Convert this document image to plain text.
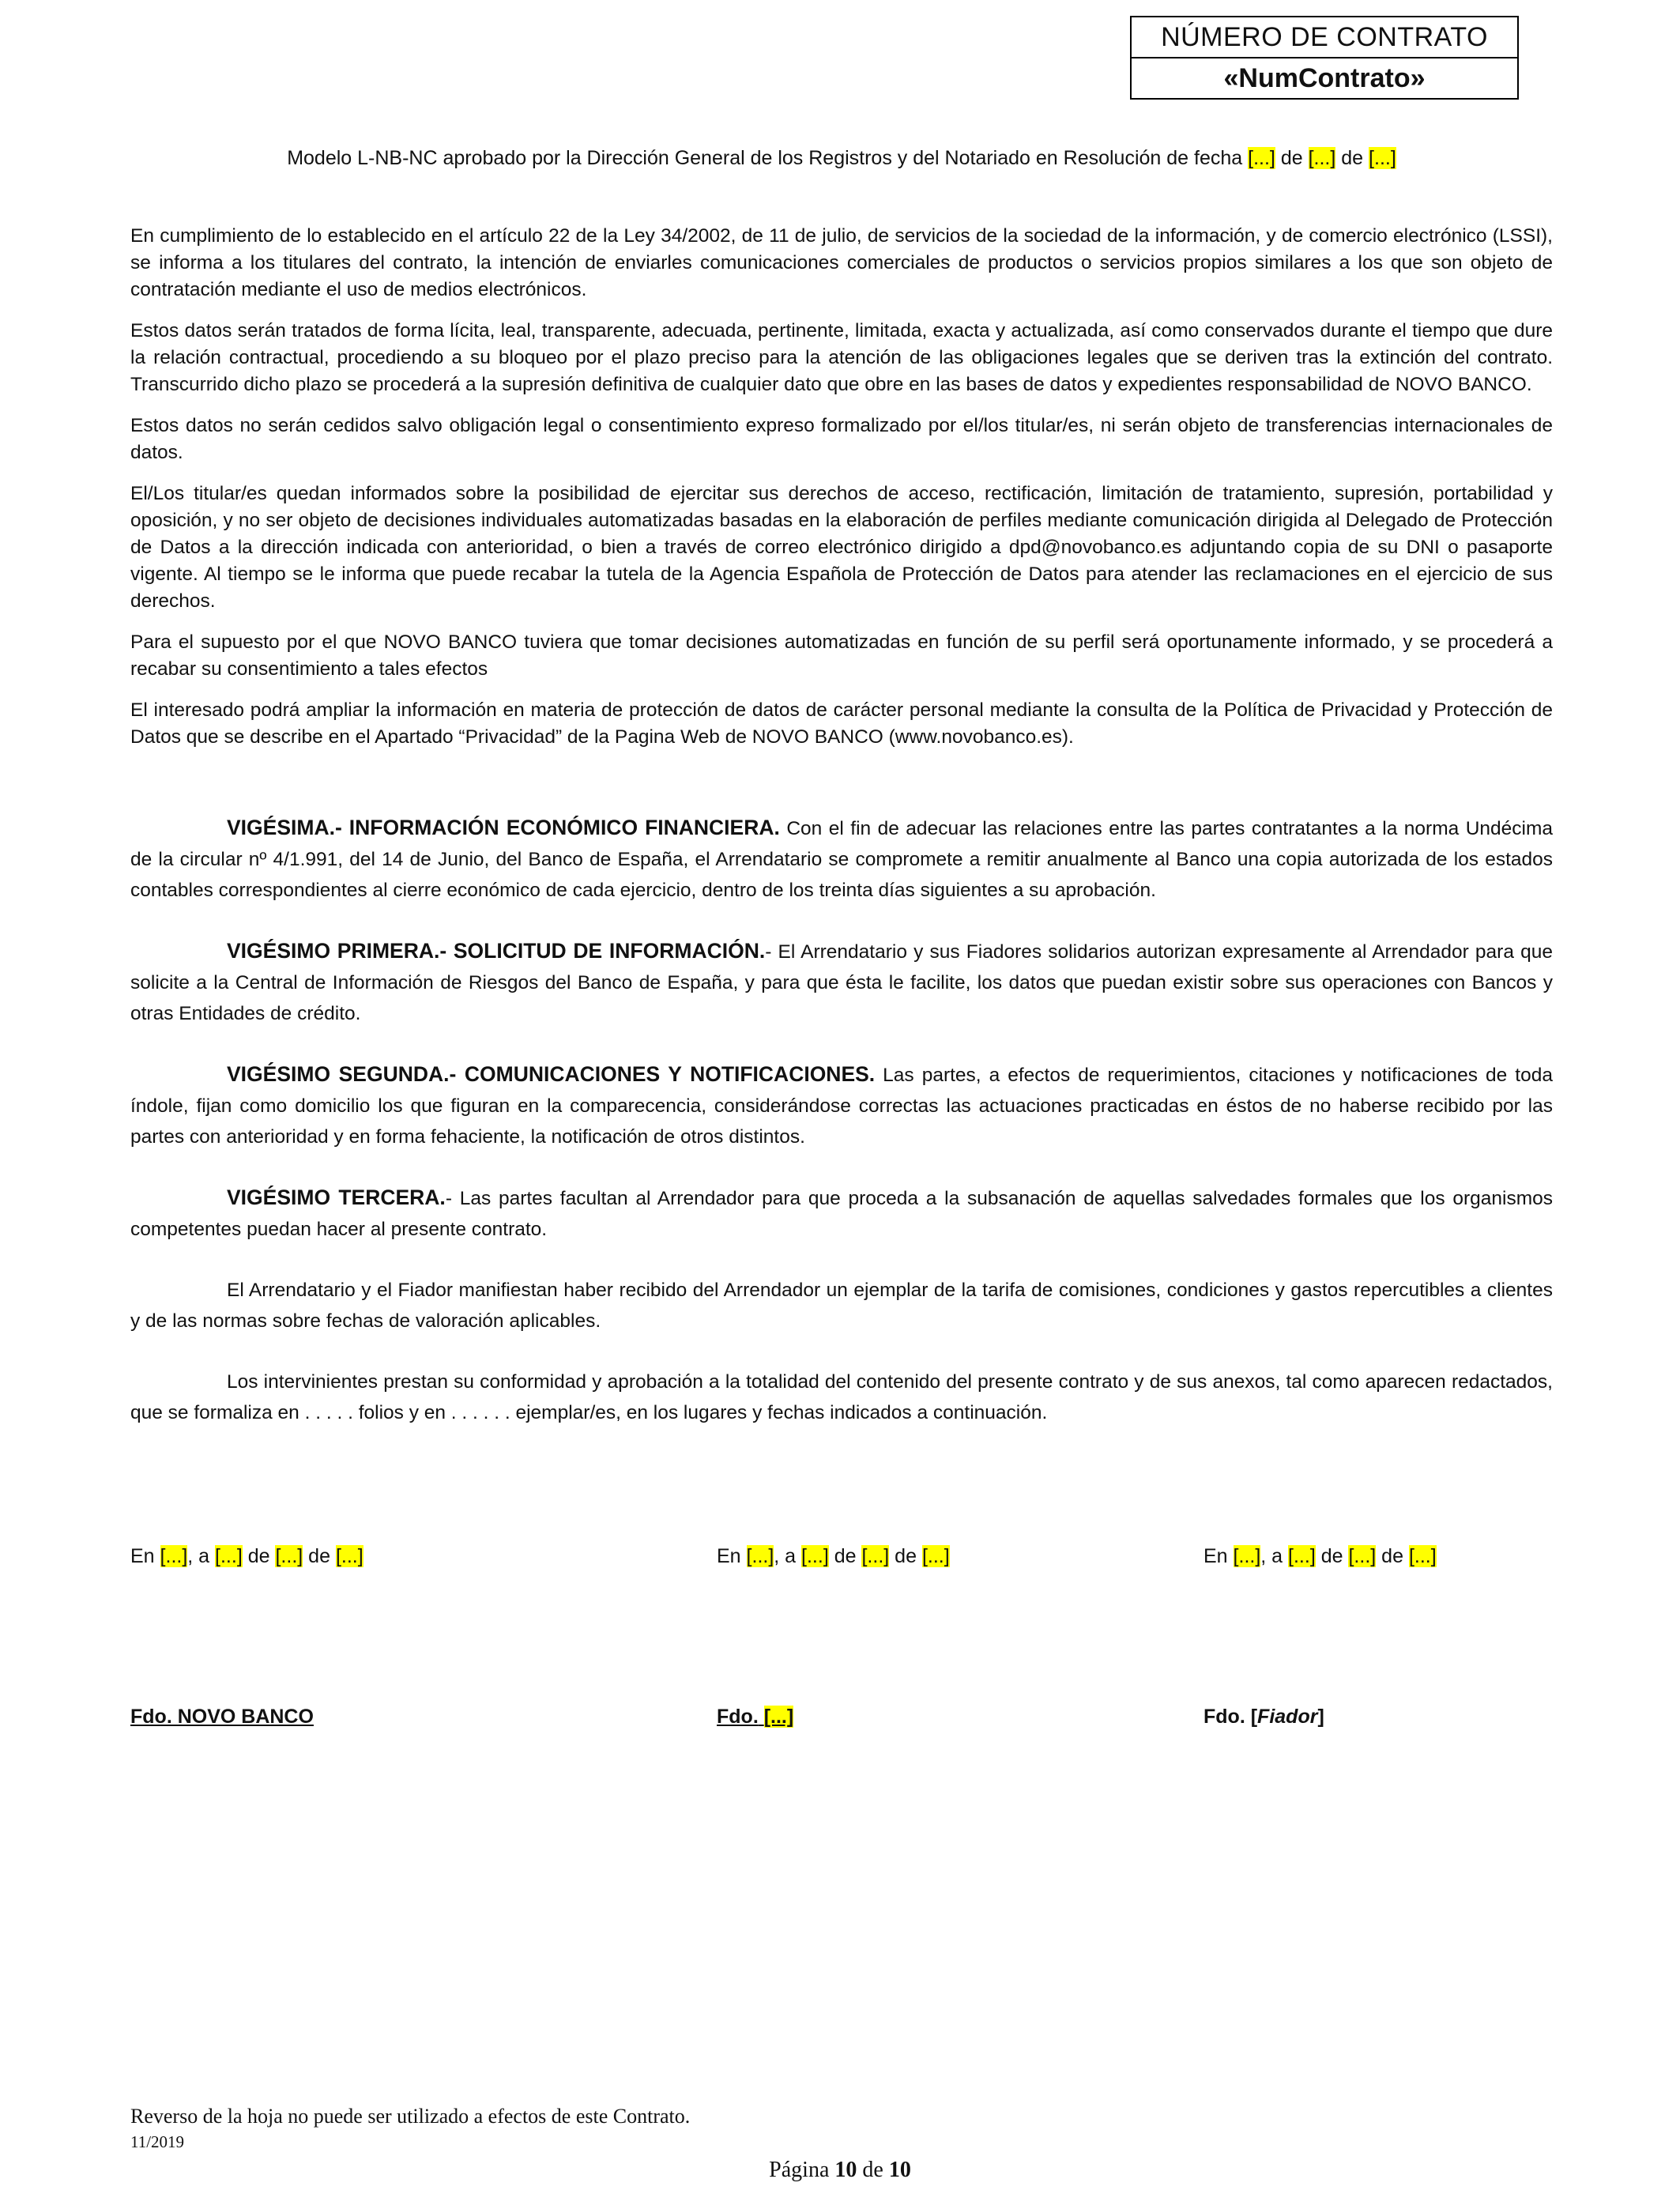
NÚMERO DE CONTRATO
«NumContrato»
Modelo L-NB-NC aprobado por la Dirección General de los Registros y del Notariado en Resolución de fecha [...] de [...] de [...]

En cumplimiento de lo establecido en el artículo 22 de la Ley 34/2002, de 11 de julio, de servicios de la sociedad de la información, y de comercio electrónico (LSSI), se informa a los titulares del contrato, la intención de enviarles comunicaciones comerciales de productos o servicios propios similares a los que son objeto de contratación mediante el uso de medios electrónicos.

Estos datos serán tratados de forma lícita, leal, transparente, adecuada, pertinente, limitada, exacta y actualizada, así como conservados durante el tiempo que dure la relación contractual, procediendo a su bloqueo por el plazo preciso para la atención de las obligaciones legales que se deriven tras la extinción del contrato. Transcurrido dicho plazo se procederá a la supresión definitiva de cualquier dato que obre en las bases de datos y expedientes responsabilidad de NOVO BANCO.

Estos datos no serán cedidos salvo obligación legal o consentimiento expreso formalizado por el/los titular/es, ni serán objeto de transferencias internacionales de datos.

El/Los titular/es quedan informados sobre la posibilidad de ejercitar sus derechos de acceso, rectificación, limitación de tratamiento, supresión, portabilidad y oposición, y no ser objeto de decisiones individuales automatizadas basadas en la elaboración de perfiles mediante comunicación dirigida al Delegado de Protección de Datos a la dirección indicada con anterioridad, o bien a través de correo electrónico dirigido a dpd@novobanco.es adjuntando copia de su DNI o pasaporte vigente. Al tiempo se le informa que puede recabar la tutela de la Agencia Española de Protección de Datos para atender las reclamaciones en el ejercicio de sus derechos.

Para el supuesto por el que NOVO BANCO tuviera que tomar decisiones automatizadas en función de su perfil será oportunamente informado, y se procederá a recabar su consentimiento a tales efectos

El interesado podrá ampliar la información en materia de protección de datos de carácter personal mediante la consulta de la Política de Privacidad y Protección de Datos que se describe en el Apartado “Privacidad” de la Pagina Web de NOVO BANCO (www.novobanco.es).

VIGÉSIMA.- INFORMACIÓN ECONÓMICO FINANCIERA. Con el fin de adecuar las relaciones entre las partes contratantes a la norma Undécima de la circular nº 4/1.991, del 14 de Junio, del Banco de España, el Arrendatario se compromete a remitir anualmente al Banco una copia autorizada de los estados contables correspondientes al cierre económico de cada ejercicio, dentro de los treinta días siguientes a su aprobación.

VIGÉSIMO PRIMERA.- SOLICITUD DE INFORMACIÓN.- El Arrendatario y sus Fiadores solidarios autorizan expresamente al Arrendador para que solicite a la Central de Información de Riesgos del Banco de España, y para que ésta le facilite, los datos que puedan existir sobre sus operaciones con Bancos y otras Entidades de crédito.

VIGÉSIMO SEGUNDA.- COMUNICACIONES Y NOTIFICACIONES. Las partes, a efectos de requerimientos, citaciones y notificaciones de toda índole, fijan como domicilio los que figuran en la comparecencia, considerándose correctas las actuaciones practicadas en éstos de no haberse recibido por las partes con anterioridad y en forma fehaciente, la notificación de otros distintos.

VIGÉSIMO TERCERA.- Las partes facultan al Arrendador para que proceda a la subsanación de aquellas salvedades formales que los organismos competentes puedan hacer al presente contrato.

El Arrendatario y el Fiador manifiestan haber recibido del Arrendador un ejemplar de la tarifa de comisiones, condiciones y gastos repercutibles a clientes y de las normas sobre fechas de valoración aplicables.

Los intervinientes prestan su conformidad y aprobación a la totalidad del contenido del presente contrato y de sus anexos, tal como aparecen redactados, que se formaliza en . . . . . folios y en . . . . . . ejemplar/es, en los lugares y fechas indicados a continuación.

En [...], a [...] de [...] de [...]	En [...], a [...] de [...] de [...]	En [...], a [...] de [...] de [...]
Fdo. NOVO BANCO	Fdo. [...]	Fdo. [Fiador]
Reverso de la hoja no puede ser utilizado a efectos de este Contrato.
11/2019
Página 10 de 10
